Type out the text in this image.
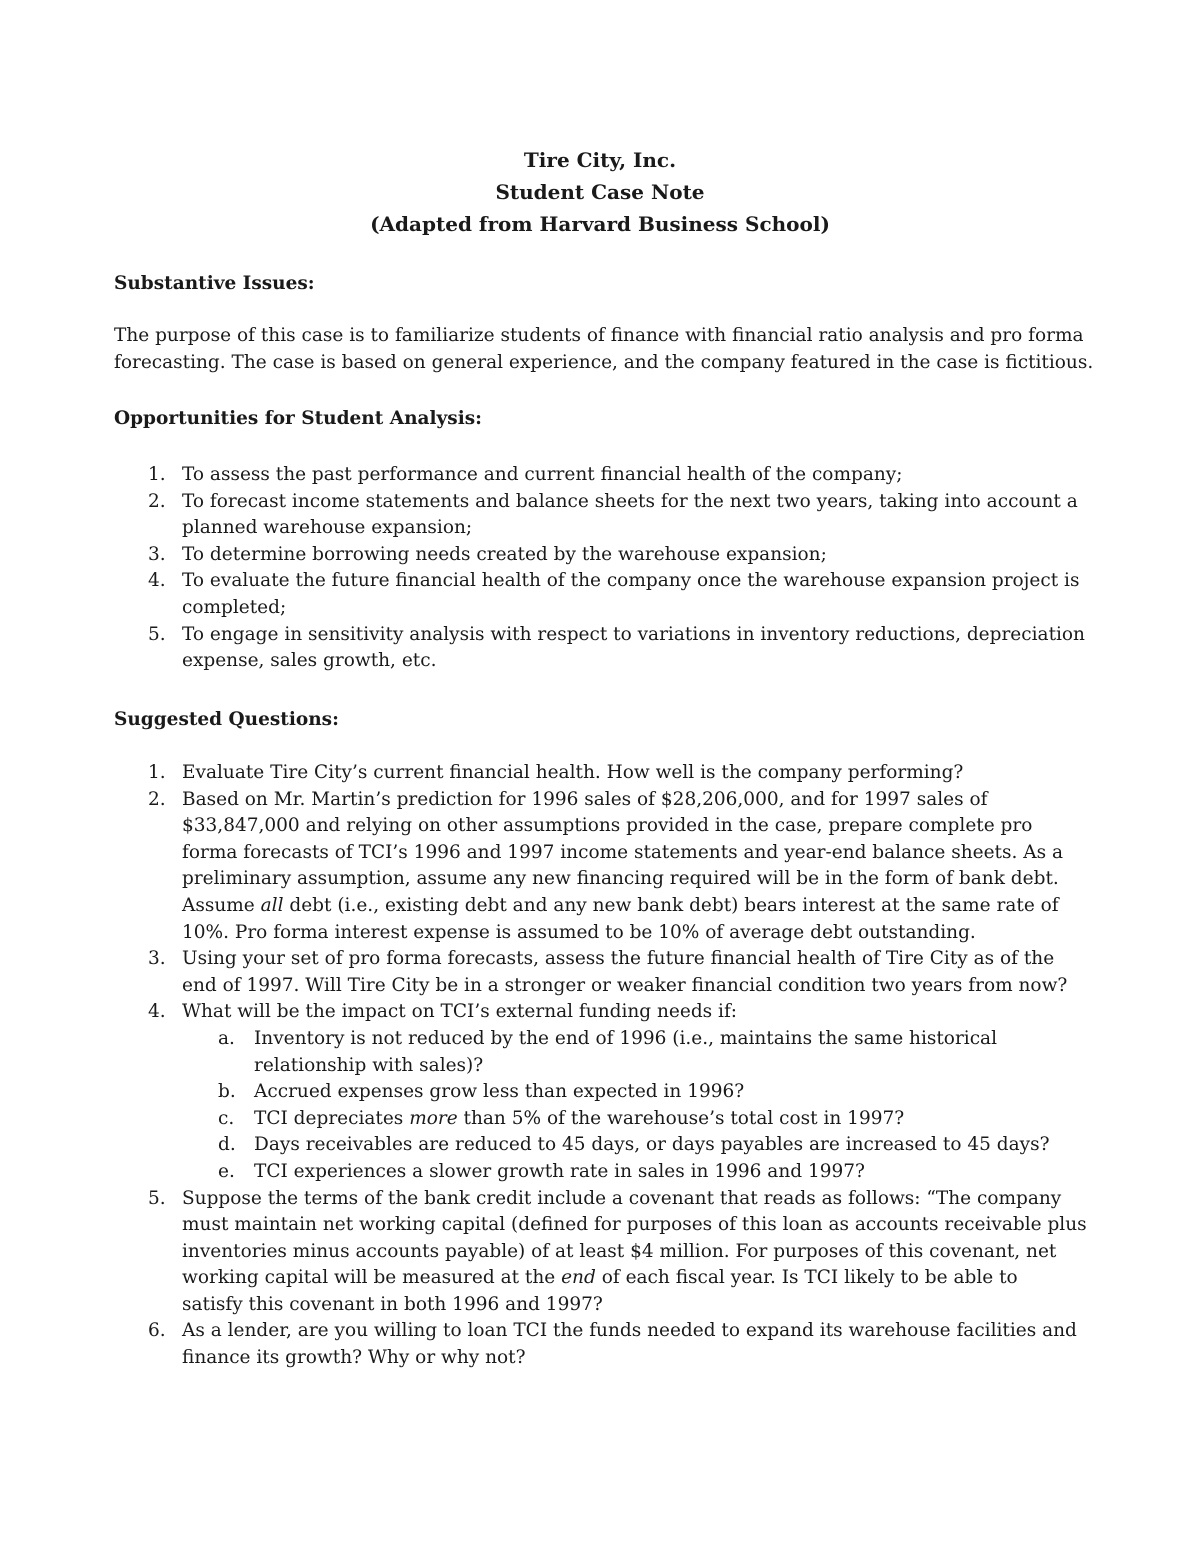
Tire City, Inc.
Student Case Note
(Adapted from Harvard Business School)
Substantive Issues:
The purpose of this case is to familiarize students of finance with financial ratio analysis and pro forma
forecasting. The case is based on general experience, and the company featured in the case is fictitious.
Opportunities for Student Analysis:
1. To assess the past performance and current financial health of the company;
2. To forecast income statements and balance sheets for the next two years, taking into account a
planned warehouse expansion;
3. To determine borrowing needs created by the warehouse expansion;
4. To evaluate the future financial health of the company once the warehouse expansion project is
completed;
5. To engage in sensitivity analysis with respect to variations in inventory reductions, depreciation
expense, sales growth, etc.
Suggested Questions:
1. Evaluate Tire City’s current financial health. How well is the company performing?
2. Based on Mr. Martin’s prediction for 1996 sales of $28,206,000, and for 1997 sales of
$33,847,000 and relying on other assumptions provided in the case, prepare complete pro
forma forecasts of TCI’s 1996 and 1997 income statements and year-end balance sheets. As a
preliminary assumption, assume any new financing required will be in the form of bank debt.
Assume all debt (i.e., existing debt and any new bank debt) bears interest at the same rate of
10%. Pro forma interest expense is assumed to be 10% of average debt outstanding.
3. Using your set of pro forma forecasts, assess the future financial health of Tire City as of the
end of 1997. Will Tire City be in a stronger or weaker financial condition two years from now?
4. What will be the impact on TCI’s external funding needs if:
a. Inventory is not reduced by the end of 1996 (i.e., maintains the same historical
relationship with sales)?
b. Accrued expenses grow less than expected in 1996?
c. TCI depreciates more than 5% of the warehouse’s total cost in 1997?
d. Days receivables are reduced to 45 days, or days payables are increased to 45 days?
e. TCI experiences a slower growth rate in sales in 1996 and 1997?
5. Suppose the terms of the bank credit include a covenant that reads as follows: “The company
must maintain net working capital (defined for purposes of this loan as accounts receivable plus
inventories minus accounts payable) of at least $4 million. For purposes of this covenant, net
working capital will be measured at the end of each fiscal year. Is TCI likely to be able to
satisfy this covenant in both 1996 and 1997?
6. As a lender, are you willing to loan TCI the funds needed to expand its warehouse facilities and
finance its growth? Why or why not?
